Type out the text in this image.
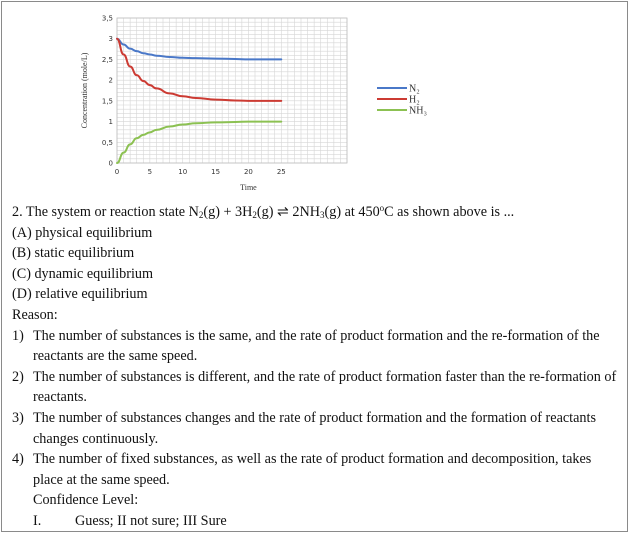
0
0,5
1
1,5
2
2,5
3
3,5
0	5	10	15	20	25
Time
Concentration (mole/L)	N₂
H₂
NH₃
2. The system or reaction state $N_2(g) + 3H_2(g)$ ⇌ $2NH_3(g)$ at 450$^o$C as shown above is ...
(A) physical equilibrium
(B) static equilibrium
(C) dynamic equilibrium
(D) relative equilibrium
Reason:
1) The number of substances is the same, and the rate of product formation and the re-formation of the reactants are the same speed.
2) The number of substances is different, and the rate of product formation faster than the re-formation of reactants.
3) The number of substances changes and the rate of product formation and the formation of reactants changes continuously.
4) The number of fixed substances, as well as the rate of product formation and decomposition, takes place at the same speed.
Confidence Level:
I. Guess; II not sure; III Sure
